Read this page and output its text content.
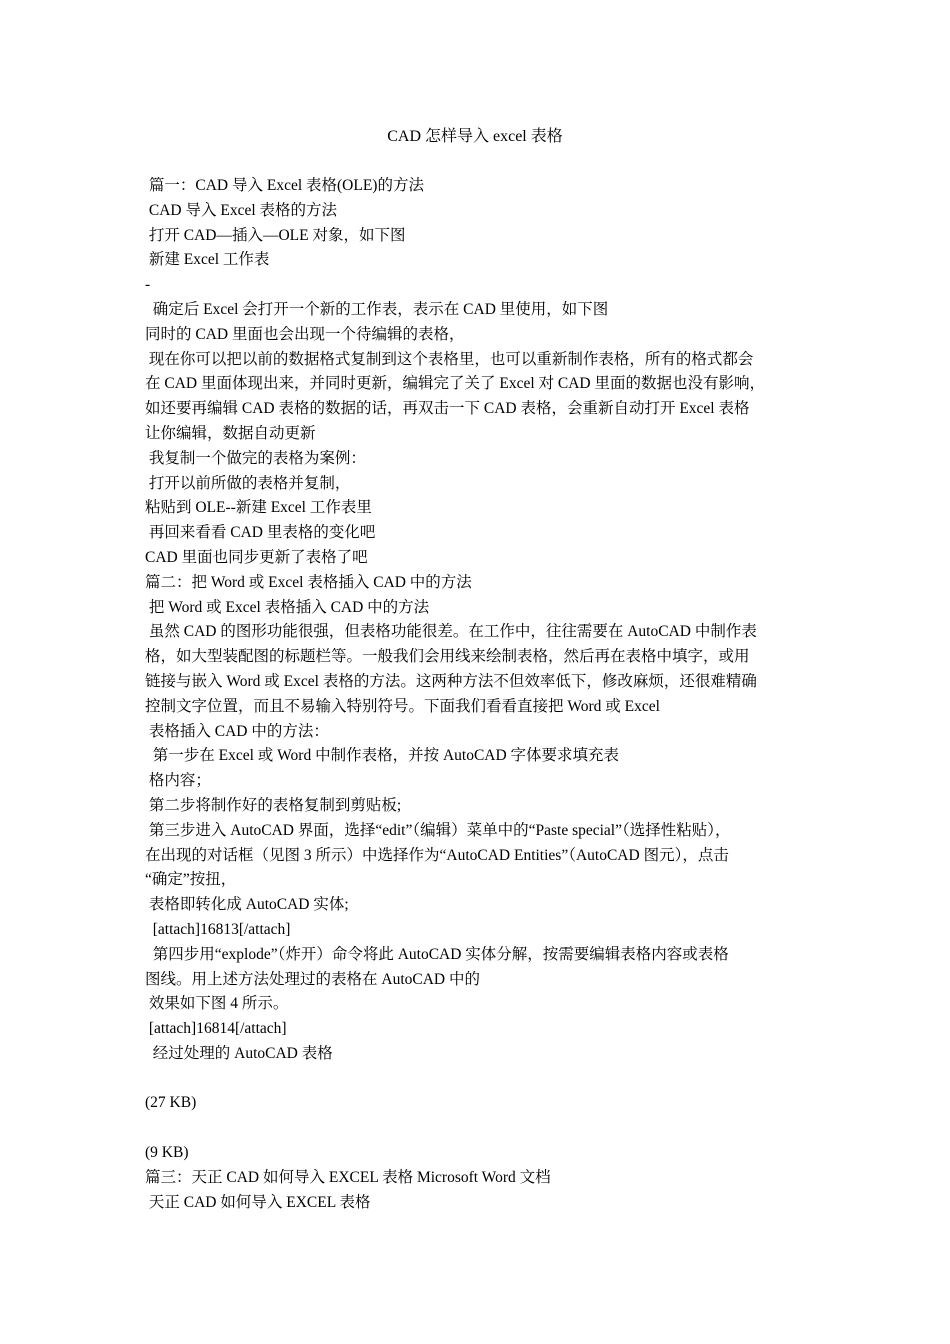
CAD 怎样导入 excel 表格

篇一：CAD 导入 Excel 表格(OLE)的方法

CAD 导入 Excel 表格的方法

打开 CAD—插入—OLE 对象，如下图

新建 Excel 工作表

-

确定后 Excel 会打开一个新的工作表，表示在 CAD 里使用，如下图

同时的 CAD 里面也会出现一个待编辑的表格，

现在你可以把以前的数据格式复制到这个表格里，也可以重新制作表格，所有的格式都会

在 CAD 里面体现出来，并同时更新，编辑完了关了 Excel 对 CAD 里面的数据也没有影响，

如还要再编辑 CAD 表格的数据的话，再双击一下 CAD 表格，会重新自动打开 Excel 表格

让你编辑，数据自动更新

我复制一个做完的表格为案例：

打开以前所做的表格并复制，

粘贴到 OLE--新建 Excel 工作表里

再回来看看 CAD 里表格的变化吧

CAD 里面也同步更新了表格了吧

篇二：把 Word 或 Excel 表格插入 CAD 中的方法

把 Word 或 Excel 表格插入 CAD 中的方法

虽然 CAD 的图形功能很强，但表格功能很差。在工作中，往往需要在 AutoCAD 中制作表

格，如大型装配图的标题栏等。一般我们会用线来绘制表格，然后再在表格中填字，或用

链接与嵌入 Word 或 Excel 表格的方法。这两种方法不但效率低下，修改麻烦，还很难精确

控制文字位置，而且不易输入特别符号。下面我们看看直接把 Word 或 Excel

表格插入 CAD 中的方法：

第一步在 Excel 或 Word 中制作表格，并按 AutoCAD 字体要求填充表

格内容；

第二步将制作好的表格复制到剪贴板;

第三步进入 AutoCAD 界面，选择“edit”（编辑）菜单中的“Paste special”（选择性粘贴），

在出现的对话框（见图 3 所示）中选择作为“AutoCAD Entities”（AutoCAD 图元），点击

“确定”按扭，

表格即转化成 AutoCAD 实体;

[attach]16813[/attach]

第四步用“explode”（炸开）命令将此 AutoCAD 实体分解，按需要编辑表格内容或表格

图线。用上述方法处理过的表格在 AutoCAD 中的

效果如下图 4 所示。

[attach]16814[/attach]

经过处理的 AutoCAD 表格

(27 KB)

(9 KB)

篇三：天正 CAD 如何导入 EXCEL 表格 Microsoft Word 文档

天正 CAD 如何导入 EXCEL 表格
